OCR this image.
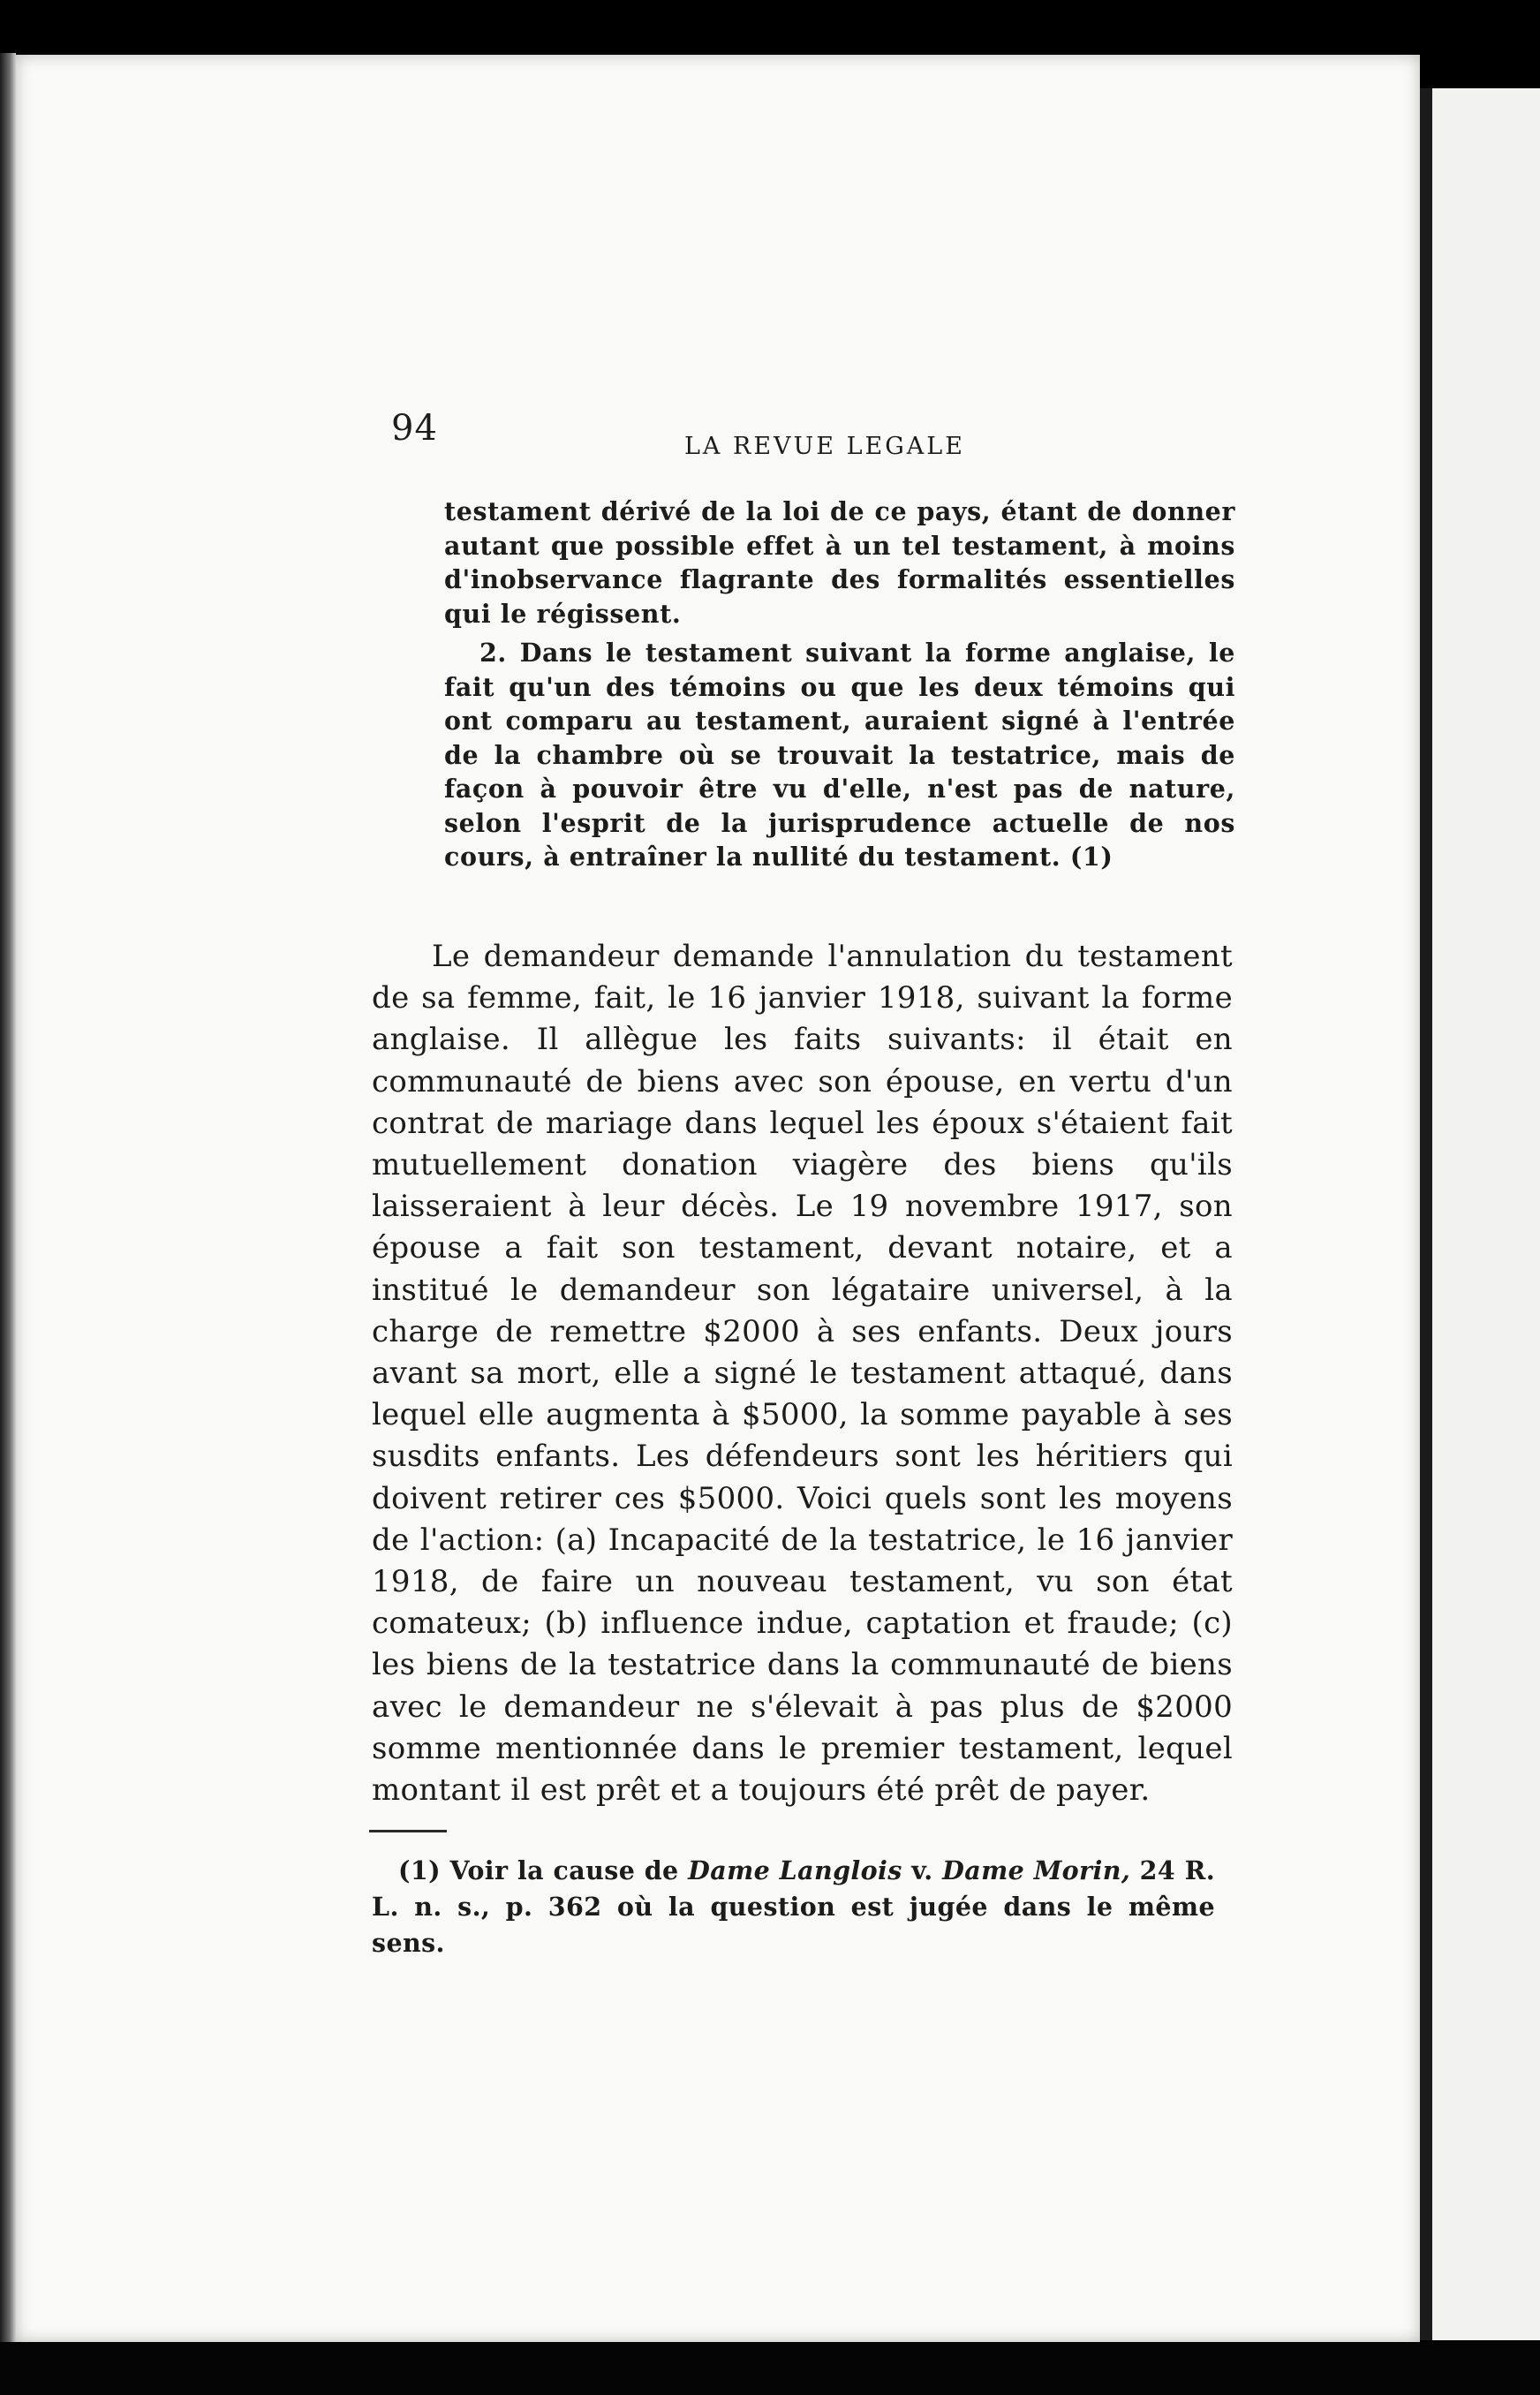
94	LA REVUE LEGALE

testament dérivé de la loi de ce pays, étant de donner autant que possible effet à un tel testament, à moins d'inobservance flagrante des formalités essentielles qui le régissent.

2. Dans le testament suivant la forme anglaise, le fait qu'un des témoins ou que les deux témoins qui ont comparu au testament, auraient signé à l'entrée de la chambre où se trouvait la testatrice, mais de façon à pouvoir être vu d'elle, n'est pas de nature, selon l'esprit de la jurisprudence actuelle de nos cours, à entraîner la nullité du testament. (1)

Le demandeur demande l'annulation du testament de sa femme, fait, le 16 janvier 1918, suivant la forme anglaise. Il allègue les faits suivants: il était en communauté de biens avec son épouse, en vertu d'un contrat de mariage dans lequel les époux s'étaient fait mutuellement donation viagère des biens qu'ils laisseraient à leur décès. Le 19 novembre 1917, son épouse a fait son testament, devant notaire, et a institué le demandeur son légataire universel, à la charge de remettre $2000 à ses enfants. Deux jours avant sa mort, elle a signé le testament attaqué, dans lequel elle augmenta à $5000, la somme payable à ses susdits enfants. Les défendeurs sont les héritiers qui doivent retirer ces $5000. Voici quels sont les moyens de l'action: (a) Incapacité de la testatrice, le 16 janvier 1918, de faire un nouveau testament, vu son état comateux; (b) influence indue, captation et fraude; (c) les biens de la testatrice dans la communauté de biens avec le demandeur ne s'élevait à pas plus de $2000 somme mentionnée dans le premier testament, lequel montant il est prêt et a toujours été prêt de payer.

(1) Voir la cause de Dame Langlois v. Dame Morin, 24 R. L. n. s., p. 362 où la question est jugée dans le même sens.
